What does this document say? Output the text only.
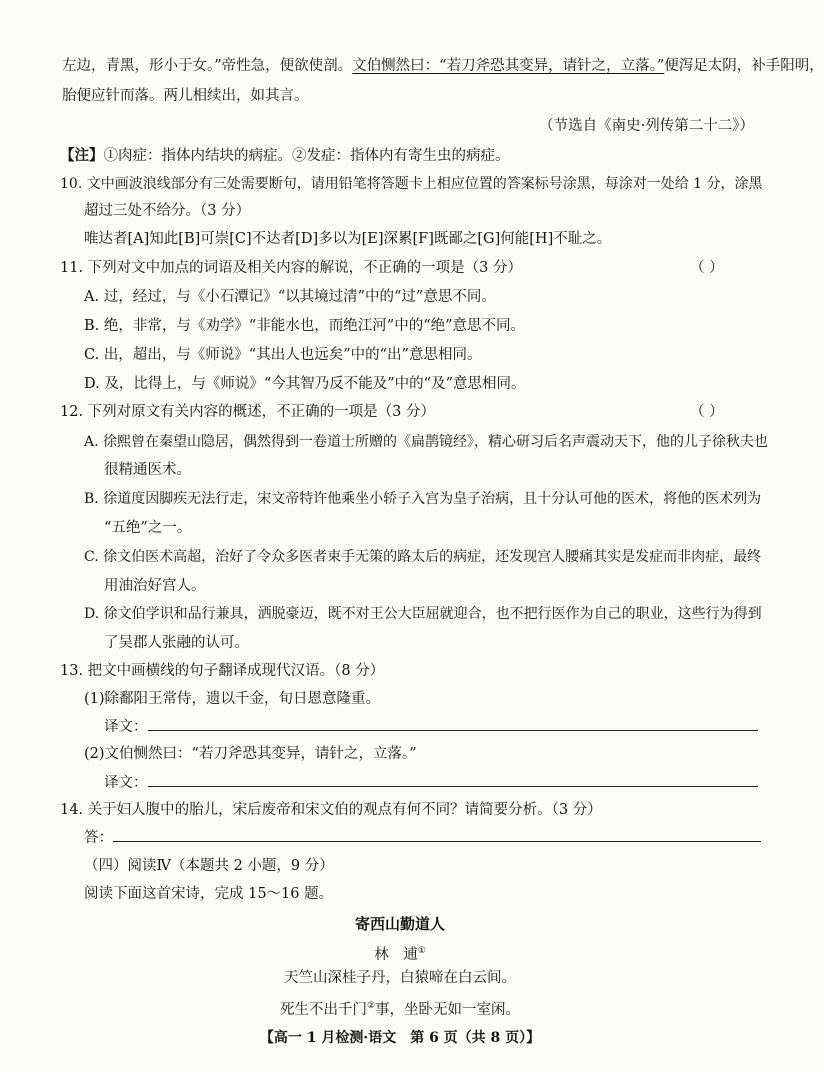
左边，青黑，形小于女。”帝性急，便欲使剖。文伯恻然曰：“若刀斧恐其变异，请针之，立落。”便泻足太阴，补手阳明，
胎便应针而落。两儿相续出，如其言。
（节选自《南史·列传第二十二》）
【注】①肉症：指体内结块的病症。②发症：指体内有寄生虫的病症。
10. 文中画波浪线部分有三处需要断句，请用铅笔将答题卡上相应位置的答案标号涂黑，每涂对一处给 1 分，涂黑
超过三处不给分。（3 分）
唯达者[A]知此[B]可崇[C]不达者[D]多以为[E]深累[F]既鄙之[G]何能[H]不耻之。
11. 下列对文中加点的词语及相关内容的解说，不正确的一项是（3 分）	（ ）
A. 过，经过，与《小石潭记》“以其境过清”中的“过”意思不同。
B. 绝，非常，与《劝学》“非能水也，而绝江河”中的“绝”意思不同。
C. 出，超出，与《师说》“其出人也远矣”中的“出”意思相同。
D. 及，比得上，与《师说》“今其智乃反不能及”中的“及”意思相同。
12. 下列对原文有关内容的概述，不正确的一项是（3 分）	（ ）
A. 徐熙曾在秦望山隐居，偶然得到一卷道士所赠的《扁鹊镜经》，精心研习后名声震动天下，他的儿子徐秋夫也
很精通医术。
B. 徐道度因脚疾无法行走，宋文帝特许他乘坐小轿子入宫为皇子治病，且十分认可他的医术，将他的医术列为
“五绝”之一。
C. 徐文伯医术高超，治好了令众多医者束手无策的路太后的病症，还发现宫人腰痛其实是发症而非肉症，最终
用油治好宫人。
D. 徐文伯学识和品行兼具，洒脱豪迈，既不对王公大臣屈就迎合，也不把行医作为自己的职业，这些行为得到
了吴郡人张融的认可。
13. 把文中画横线的句子翻译成现代汉语。（8 分）
(1)除鄱阳王常侍，遗以千金，旬日恩意隆重。
译文：
(2)文伯恻然曰：“若刀斧恐其变异，请针之，立落。”
译文：
14. 关于妇人腹中的胎儿，宋后废帝和宋文伯的观点有何不同？请简要分析。（3 分）
答：
（四）阅读Ⅳ（本题共 2 小题，9 分）
阅读下面这首宋诗，完成 15～16 题。
寄西山勤道人
林　逋①
天竺山深桂子丹，白猿啼在白云间。
死生不出千门②事，坐卧无如一室闲。
【高一 1 月检测·语文　第 6 页（共 8 页）】
